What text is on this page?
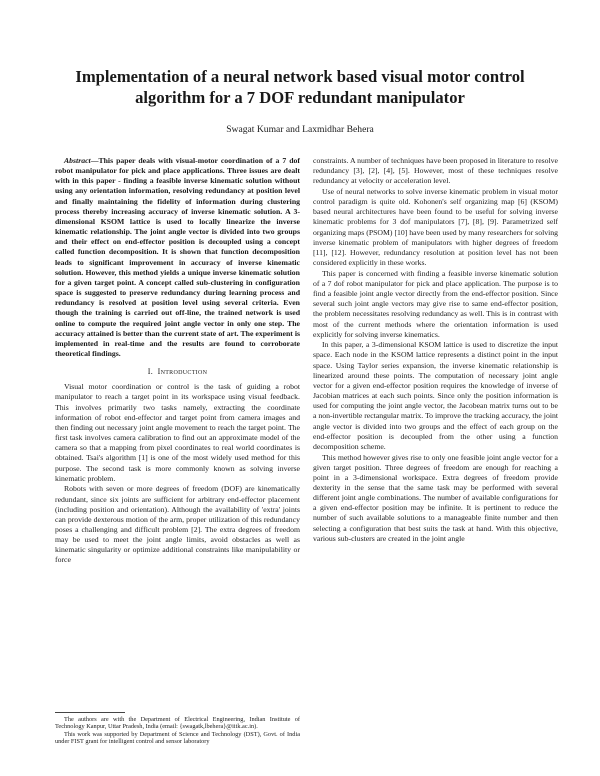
Implementation of a neural network based visual motor control algorithm for a 7 DOF redundant manipulator

Swagat Kumar and Laxmidhar Behera

Abstract—This paper deals with visual-motor coordination of a 7 dof robot manipulator for pick and place applications. Three issues are dealt with in this paper - finding a feasible inverse kinematic solution without using any orientation information, resolving redundancy at position level and finally maintaining the fidelity of information during clustering process thereby increasing accuracy of inverse kinematic solution. A 3-dimensional KSOM lattice is used to locally linearize the inverse kinematic relationship. The joint angle vector is divided into two groups and their effect on end-effector position is decoupled using a concept called function decomposition. It is shown that function decomposition leads to significant improvement in accuracy of inverse kinematic solution. However, this method yields a unique inverse kinematic solution for a given target point. A concept called sub-clustering in configuration space is suggested to preserve redundancy during learning process and redundancy is resolved at position level using several criteria. Even though the training is carried out off-line, the trained network is used online to compute the required joint angle vector in only one step. The accuracy attained is better than the current state of art. The experiment is implemented in real-time and the results are found to corroborate theoretical findings.

I. Introduction

Visual motor coordination or control is the task of guiding a robot manipulator to reach a target point in its workspace using visual feedback. This involves primarily two tasks namely, extracting the coordinate information of robot end-effector and target point from camera images and then finding out necessary joint angle movement to reach the target point. The first task involves camera calibration to find out an approximate model of the camera so that a mapping from pixel coordinates to real world coordinates is obtained. Tsai's algorithm [1] is one of the most widely used method for this purpose. The second task is more commonly known as solving inverse kinematic problem.

Robots with seven or more degrees of freedom (DOF) are kinematically redundant, since six joints are sufficient for arbitrary end-effector placement (including position and orientation). Although the availability of 'extra' joints can provide dexterous motion of the arm, proper utilization of this redundancy poses a challenging and difficult problem [2]. The extra degrees of freedom may be used to meet the joint angle limits, avoid obstacles as well as kinematic singularity or optimize additional constraints like manipulability or force

The authors are with the Department of Electrical Engineering, Indian Institute of Technology Kanpur, Uttar Pradesh, India (email: {swagatk,lbehera}@iitk.ac.in).

This work was supported by Department of Science and Technology (DST), Govt. of India under FIST grant for intelligent control and sensor laboratory

constraints. A number of techniques have been proposed in literature to resolve redundancy [3], [2], [4], [5]. However, most of these techniques resolve redundancy at velocity or acceleration level.

Use of neural networks to solve inverse kinematic problem in visual motor control paradigm is quite old. Kohonen's self organizing map [6] (KSOM) based neural architectures have been found to be useful for solving inverse kinematic problems for 3 dof manipulators [7], [8], [9]. Parametrized self organizing maps (PSOM) [10] have been used by many researchers for solving inverse kinematic problem of manipulators with higher degrees of freedom [11], [12]. However, redundancy resolution at position level has not been considered explicitly in these works.

This paper is concerned with finding a feasible inverse kinematic solution of a 7 dof robot manipulator for pick and place application. The purpose is to find a feasible joint angle vector directly from the end-effector position. Since several such joint angle vectors may give rise to same end-effector position, the problem necessitates resolving redundancy as well. This is in contrast with most of the current methods where the orientation information is used explicitly for solving inverse kinematics.

In this paper, a 3-dimensional KSOM lattice is used to discretize the input space. Each node in the KSOM lattice represents a distinct point in the input space. Using Taylor series expansion, the inverse kinematic relationship is linearized around these points. The computation of necessary joint angle vector for a given end-effector position requires the knowledge of inverse of Jacobian matrices at each such points. Since only the position information is used for computing the joint angle vector, the Jacobean matrix turns out to be a non-invertible rectangular matrix. To improve the tracking accuracy, the joint angle vector is divided into two groups and the effect of each group on the end-effector position is decoupled from the other using a function decomposition scheme.

This method however gives rise to only one feasible joint angle vector for a given target position. Three degrees of freedom are enough for reaching a point in a 3-dimensional workspace. Extra degrees of freedom provide dexterity in the sense that the same task may be performed with several different joint angle combinations. The number of available configurations for a given end-effector position may be infinite. It is pertinent to reduce the number of such available solutions to a manageable finite number and then selecting a configuration that best suits the task at hand. With this objective, various sub-clusters are created in the joint angle
